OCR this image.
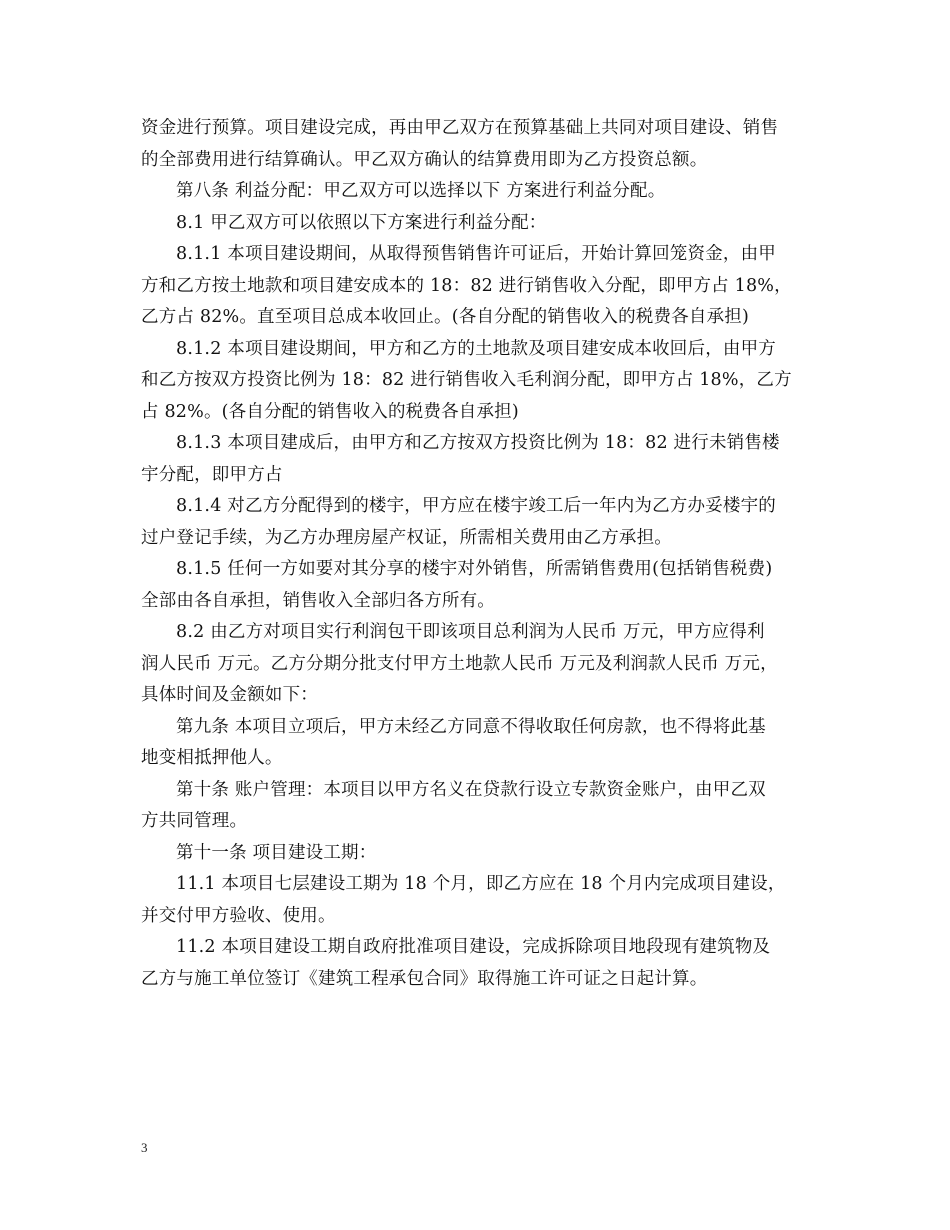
资金进行预算。项目建设完成，再由甲乙双方在预算基础上共同对项目建设、销售
的全部费用进行结算确认。甲乙双方确认的结算费用即为乙方投资总额。
第八条 利益分配：甲乙双方可以选择以下 方案进行利益分配。
8.1 甲乙双方可以依照以下方案进行利益分配：
8.1.1 本项目建设期间，从取得预售销售许可证后，开始计算回笼资金，由甲
方和乙方按土地款和项目建安成本的 18：82 进行销售收入分配，即甲方占 18%，
乙方占 82%。直至项目总成本收回止。(各自分配的销售收入的税费各自承担)
8.1.2 本项目建设期间，甲方和乙方的土地款及项目建安成本收回后，由甲方
和乙方按双方投资比例为 18：82 进行销售收入毛利润分配，即甲方占 18%，乙方
占 82%。(各自分配的销售收入的税费各自承担)
8.1.3 本项目建成后，由甲方和乙方按双方投资比例为 18：82 进行未销售楼
宇分配，即甲方占
8.1.4 对乙方分配得到的楼宇，甲方应在楼宇竣工后一年内为乙方办妥楼宇的
过户登记手续，为乙方办理房屋产权证，所需相关费用由乙方承担。
8.1.5 任何一方如要对其分享的楼宇对外销售，所需销售费用(包括销售税费)
全部由各自承担，销售收入全部归各方所有。
8.2 由乙方对项目实行利润包干即该项目总利润为人民币 万元，甲方应得利
润人民币 万元。乙方分期分批支付甲方土地款人民币 万元及利润款人民币 万元，
具体时间及金额如下：
第九条 本项目立项后，甲方未经乙方同意不得收取任何房款，也不得将此基
地变相抵押他人。
第十条 账户管理：本项目以甲方名义在贷款行设立专款资金账户，由甲乙双
方共同管理。
第十一条 项目建设工期：
11.1 本项目七层建设工期为 18 个月，即乙方应在 18 个月内完成项目建设，
并交付甲方验收、使用。
11.2 本项目建设工期自政府批准项目建设，完成拆除项目地段现有建筑物及
乙方与施工单位签订《建筑工程承包合同》取得施工许可证之日起计算。
3
